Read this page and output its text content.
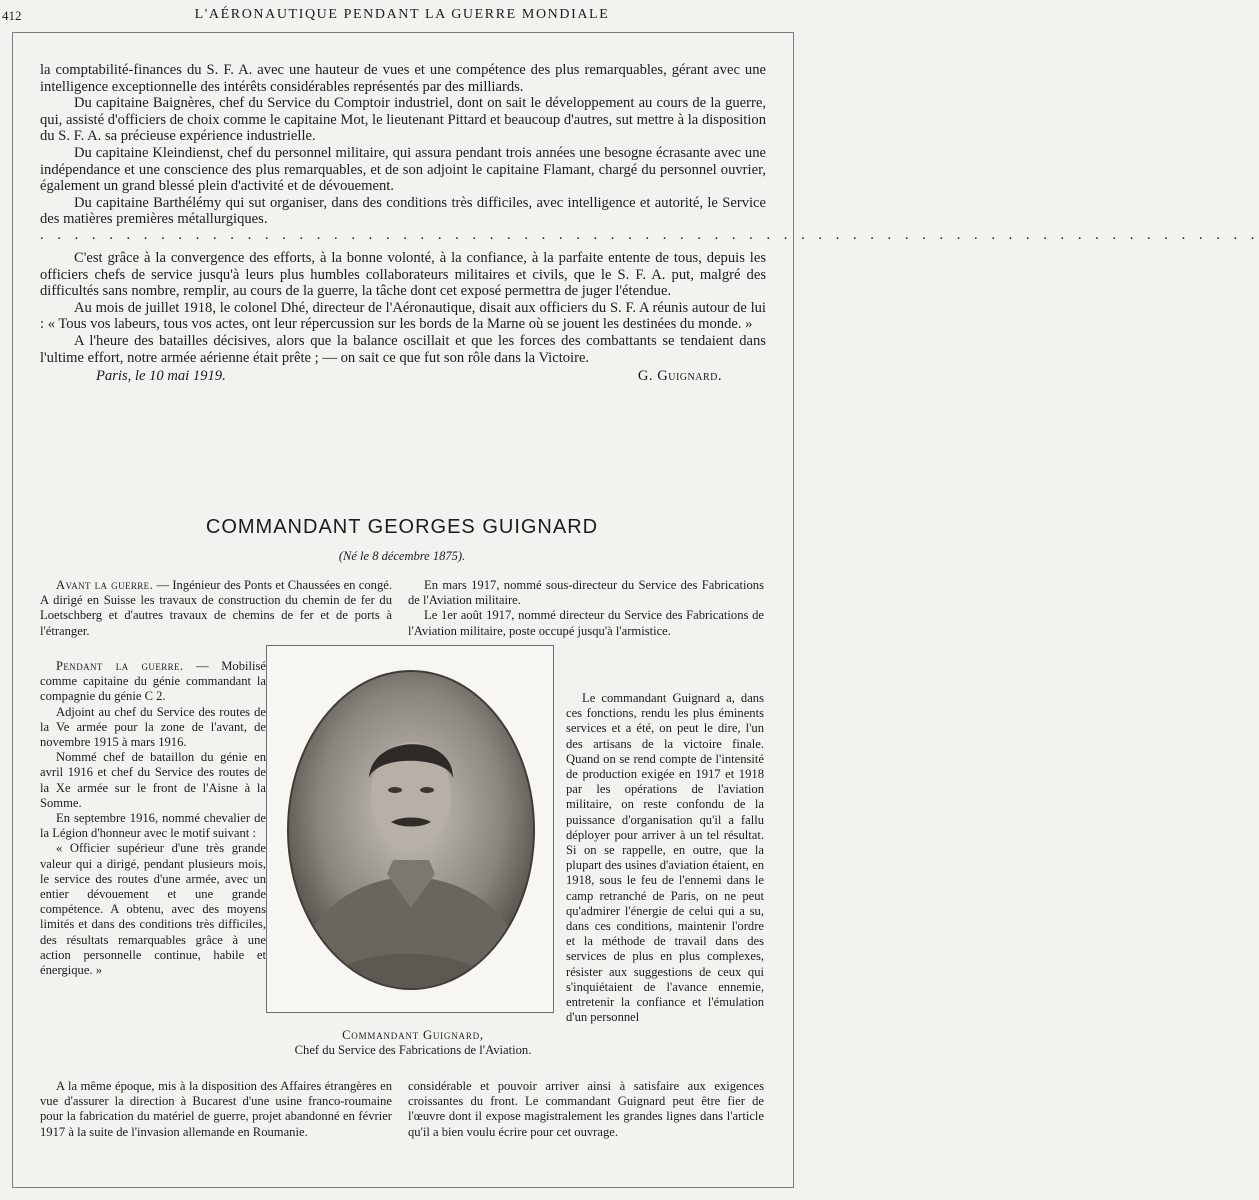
412	L'AÉRONAUTIQUE PENDANT LA GUERRE MONDIALE

la comptabilité-finances du S. F. A. avec une hauteur de vues et une compétence des plus remarquables, gérant avec une intelligence exceptionnelle des intérêts considérables représentés par des milliards.

Du capitaine Baignères, chef du Service du Comptoir industriel, dont on sait le développement au cours de la guerre, qui, assisté d'officiers de choix comme le capitaine Mot, le lieutenant Pittard et beaucoup d'autres, sut mettre à la disposition du S. F. A. sa précieuse expérience industrielle.

Du capitaine Kleindienst, chef du personnel militaire, qui assura pendant trois années une besogne écrasante avec une indépendance et une conscience des plus remarquables, et de son adjoint le capitaine Flamant, chargé du personnel ouvrier, également un grand blessé plein d'activité et de dévouement.

Du capitaine Barthélémy qui sut organiser, dans des conditions très difficiles, avec intelligence et autorité, le Service des matières premières métallurgiques.

. . . . . . . . . . . . . . . . . . . . . . . . . . . . . . . . . . . . . . . . . . . . . . . . . . . . . . . . . . . . . . . . . . . . . . .

C'est grâce à la convergence des efforts, à la bonne volonté, à la confiance, à la parfaite entente de tous, depuis les officiers chefs de service jusqu'à leurs plus humbles collaborateurs militaires et civils, que le S. F. A. put, malgré des difficultés sans nombre, remplir, au cours de la guerre, la tâche dont cet exposé permettra de juger l'étendue.

Au mois de juillet 1918, le colonel Dhé, directeur de l'Aéronautique, disait aux officiers du S. F. A réunis autour de lui : « Tous vos labeurs, tous vos actes, ont leur répercussion sur les bords de la Marne où se jouent les destinées du monde. »

A l'heure des batailles décisives, alors que la balance oscillait et que les forces des combattants se tendaient dans l'ultime effort, notre armée aérienne était prête ; — on sait ce que fut son rôle dans la Victoire.

Paris, le 10 mai 1919.	G. Guignard.

COMMANDANT GEORGES GUIGNARD
(Né le 8 décembre 1875).

Avant la guerre. — Ingénieur des Ponts et Chaussées en congé. A dirigé en Suisse les travaux de construction du chemin de fer du Loetschberg et d'autres travaux de chemins de fer et de ports à l'étranger.

Pendant la guerre. — Mobilisé comme capitaine du génie commandant la compagnie du génie C 2.

Adjoint au chef du Service des routes de la Ve armée pour la zone de l'avant, de novembre 1915 à mars 1916.

Nommé chef de bataillon du génie en avril 1916 et chef du Service des routes de la Xe armée sur le front de l'Aisne à la Somme.

En septembre 1916, nommé chevalier de la Légion d'honneur avec le motif suivant :

« Officier supérieur d'une très grande valeur qui a dirigé, pendant plusieurs mois, le service des routes d'une armée, avec un entier dévouement et une grande compétence. A obtenu, avec des moyens limités et dans des conditions très difficiles, des résultats remarquables grâce à une action personnelle continue, habile et énergique. »

En mars 1917, nommé sous-directeur du Service des Fabrications de l'Aviation militaire.

Le 1er août 1917, nommé directeur du Service des Fabrications de l'Aviation militaire, poste occupé jusqu'à l'armistice.

Le commandant Guignard a, dans ces fonctions, rendu les plus éminents services et a été, on peut le dire, l'un des artisans de la victoire finale. Quand on se rend compte de l'intensité de production exigée en 1917 et 1918 par les opérations de l'aviation militaire, on reste confondu de la puissance d'organisation qu'il a fallu déployer pour arriver à un tel résultat. Si on se rappelle, en outre, que la plupart des usines d'aviation étaient, en 1918, sous le feu de l'ennemi dans le camp retranché de Paris, on ne peut qu'admirer l'énergie de celui qui a su, dans ces conditions, maintenir l'ordre et la méthode de travail dans des services de plus en plus complexes, résister aux suggestions de ceux qui s'inquiétaient de l'avance ennemie, entretenir la confiance et l'émulation d'un personnel

Commandant Guignard,
Chef du Service des Fabrications de l'Aviation.

A la même époque, mis à la disposition des Affaires étrangères en vue d'assurer la direction à Bucarest d'une usine franco-roumaine pour la fabrication du matériel de guerre, projet abandonné en février 1917 à la suite de l'invasion allemande en Roumanie.

considérable et pouvoir arriver ainsi à satisfaire aux exigences croissantes du front. Le commandant Guignard peut être fier de l'œuvre dont il expose magistralement les grandes lignes dans l'article qu'il a bien voulu écrire pour cet ouvrage.
